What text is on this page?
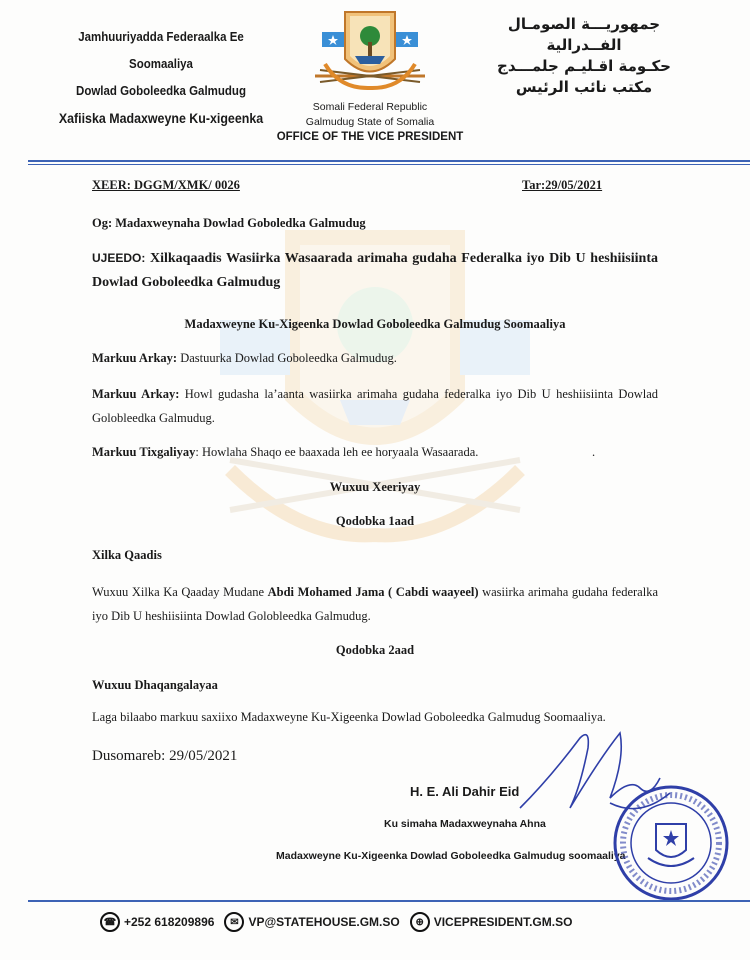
Jamhuuriyadda Federaalka Ee Soomaaliya
Dowlad Goboleedka Galmudug
Xafiiska Madaxweyne Ku-xigeenka
جمهوريـــة الصومـال الفــدرالية
حكـومة اقـليـم جلمـــدج
مكتب نائب الرئيس
Somali Federal Republic
Galmudug State of Somalia
OFFICE OF THE VICE PRESIDENT
XEER: DGGM/XMK/ 0026	Tar:29/05/2021
Og: Madaxweynaha Dowlad Goboledka Galmudug
UJEEDO: Xilkaqaadis Wasiirka Wasaarada arimaha gudaha Federalka iyo Dib U heshiisiinta Dowlad Goboleedka Galmudug
Madaxweyne Ku-Xigeenka Dowlad Goboleedka Galmudug Soomaaliya
Markuu Arkay: Dastuurka Dowlad Goboleedka Galmudug.
Markuu Arkay: Howl gudasha la’aanta wasiirka arimaha gudaha federalka iyo Dib U heshiisiinta Dowlad Golobleedka Galmudug.
Markuu Tixgaliyay: Howlaha Shaqo ee baaxada leh ee horyaala Wasaarada.	.
Wuxuu Xeeriyay
Qodobka 1aad
Xilka Qaadis
Wuxuu Xilka Ka Qaaday Mudane Abdi Mohamed Jama ( Cabdi waayeel) wasiirka arimaha gudaha federalka iyo Dib U heshiisiinta Dowlad Golobleedka Galmudug.
Qodobka 2aad
Wuxuu Dhaqangalayaa
Laga bilaabo markuu saxiixo Madaxweyne Ku-Xigeenka Dowlad Goboleedka Galmudug Soomaaliya.
Dusomareb: 29/05/2021
H. E. Ali Dahir Eid
Ku simaha Madaxweynaha Ahna
Madaxweyne Ku-Xigeenka Dowlad Goboleedka Galmudug soomaaliya
☎ +252 618209896	✉ VP@STATEHOUSE.GM.SO	⊕ VICEPRESIDENT.GM.SO
